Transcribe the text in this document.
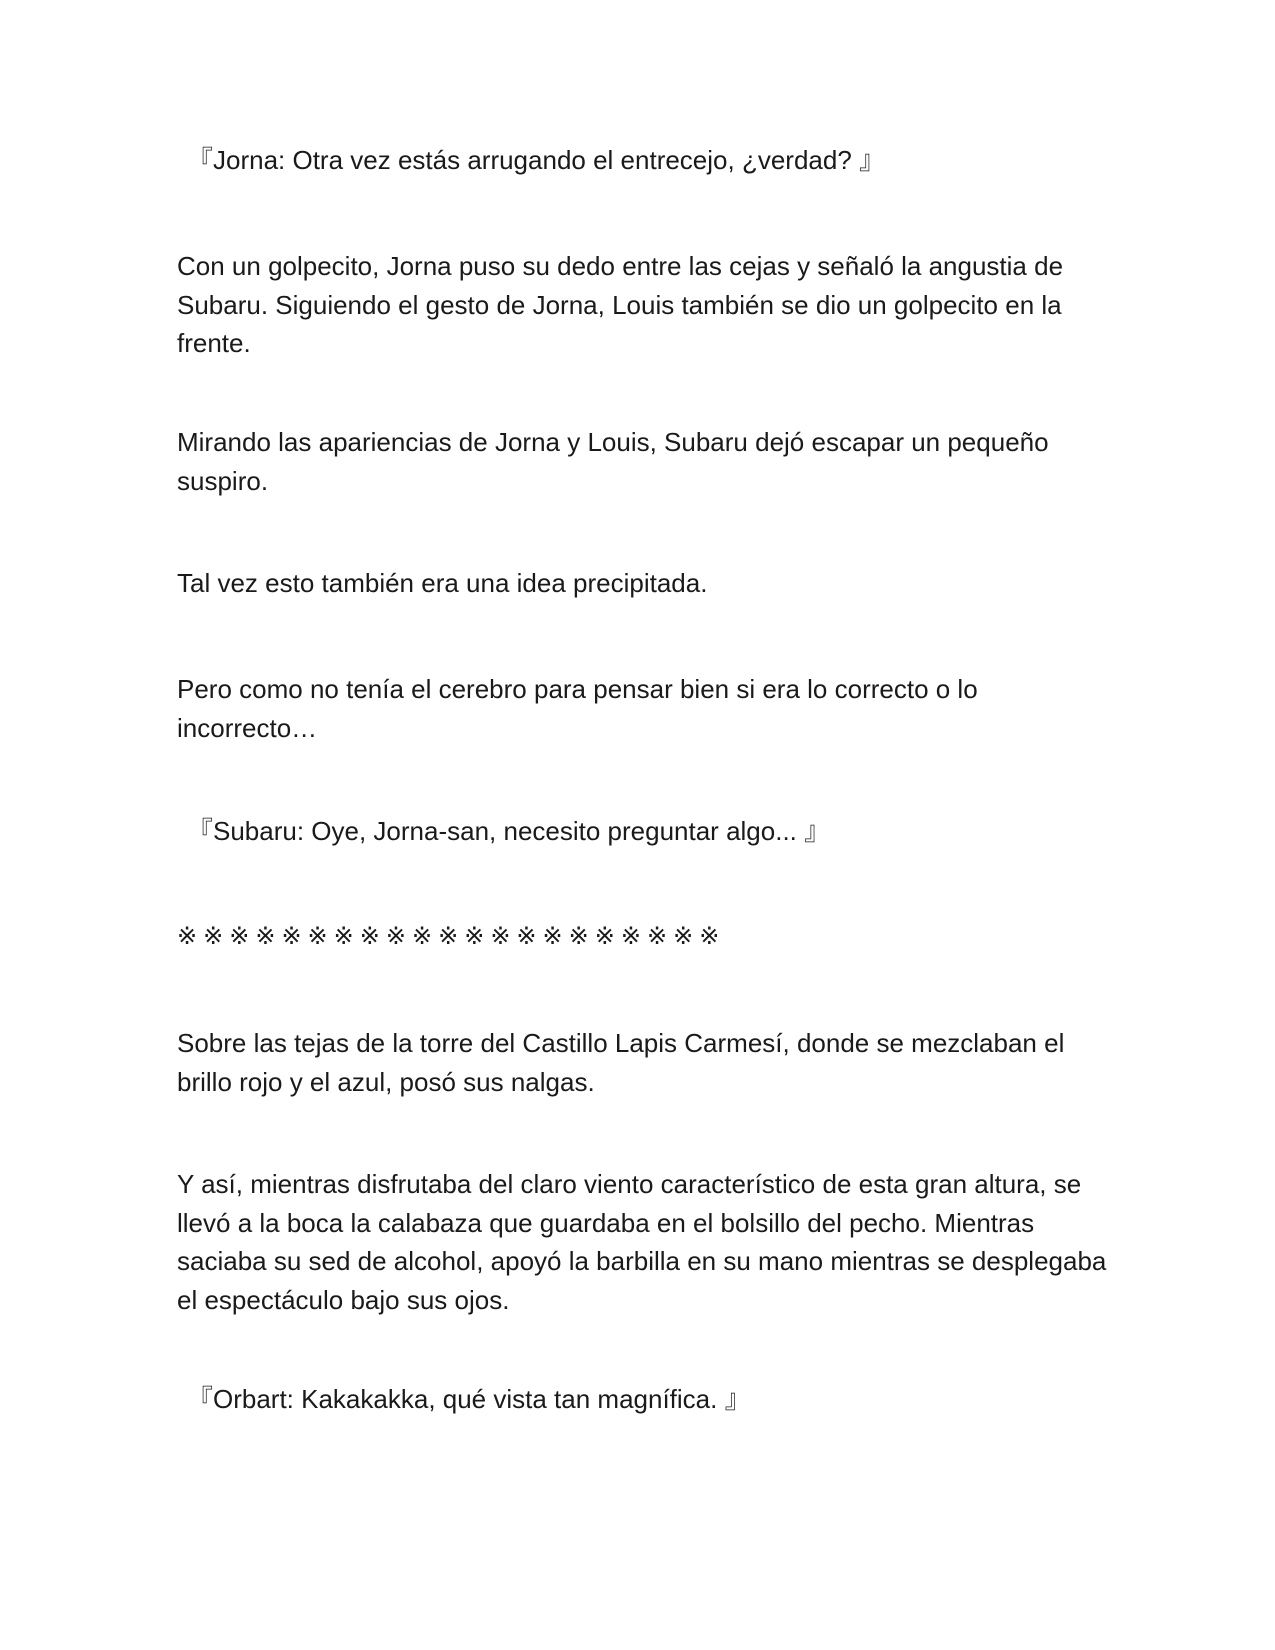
『Jorna: Otra vez estás arrugando el entrecejo, ¿verdad? 』

Con un golpecito, Jorna puso su dedo entre las cejas y señaló la angustia de Subaru. Siguiendo el gesto de Jorna, Louis también se dio un golpecito en la frente.

Mirando las apariencias de Jorna y Louis, Subaru dejó escapar un pequeño suspiro.

Tal vez esto también era una idea precipitada.

Pero como no tenía el cerebro para pensar bien si era lo correcto o lo incorrecto…

『Subaru: Oye, Jorna-san, necesito preguntar algo... 』

※※※※※※※※※※※※※※※※※※※※※

Sobre las tejas de la torre del Castillo Lapis Carmesí, donde se mezclaban el brillo rojo y el azul, posó sus nalgas.

Y así, mientras disfrutaba del claro viento característico de esta gran altura, se llevó a la boca la calabaza que guardaba en el bolsillo del pecho. Mientras saciaba su sed de alcohol, apoyó la barbilla en su mano mientras se desplegaba el espectáculo bajo sus ojos.

『Orbart: Kakakakka, qué vista tan magnífica. 』
